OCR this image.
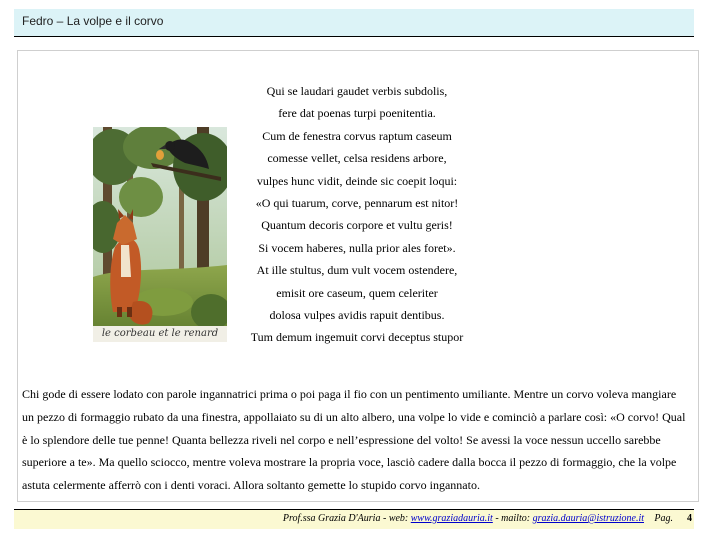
Fedro – La volpe e il corvo
le corbeau et le renard
Qui se laudari gaudet verbis subdolis,
fere dat poenas turpi poenitentia.
Cum de fenestra corvus raptum caseum
comesse vellet, celsa residens arbore,
vulpes hunc vidit, deinde sic coepit loqui:
«O qui tuarum, corve, pennarum est nitor!
Quantum decoris corpore et vultu geris!
Si vocem haberes, nulla prior ales foret».
At ille stultus, dum vult vocem ostendere,
emisit ore caseum, quem celeriter
dolosa vulpes avidis rapuit dentibus.
Tum demum ingemuit corvi deceptus stupor
Chi gode di essere lodato con parole ingannatrici prima o poi paga il fio con un pentimento umiliante. Mentre un corvo voleva mangiare un pezzo di formaggio rubato da una finestra, appollaiato su di un alto albero, una volpe lo vide e cominciò a parlare così: «O corvo! Qual è lo splendore delle tue penne! Quanta bellezza riveli nel corpo e nell’espressione del volto! Se avessi la voce nessun uccello sarebbe superiore a te». Ma quello sciocco, mentre voleva mostrare la propria voce, lasciò cadere dalla bocca il pezzo di formaggio, che la volpe astuta celermente afferrò con i denti voraci. Allora soltanto gemette lo stupido corvo ingannato.
Prof.ssa Grazia D'Auria - web: www.graziadauria.it - mailto: grazia.dauria@istruzione.it Pag. 4
